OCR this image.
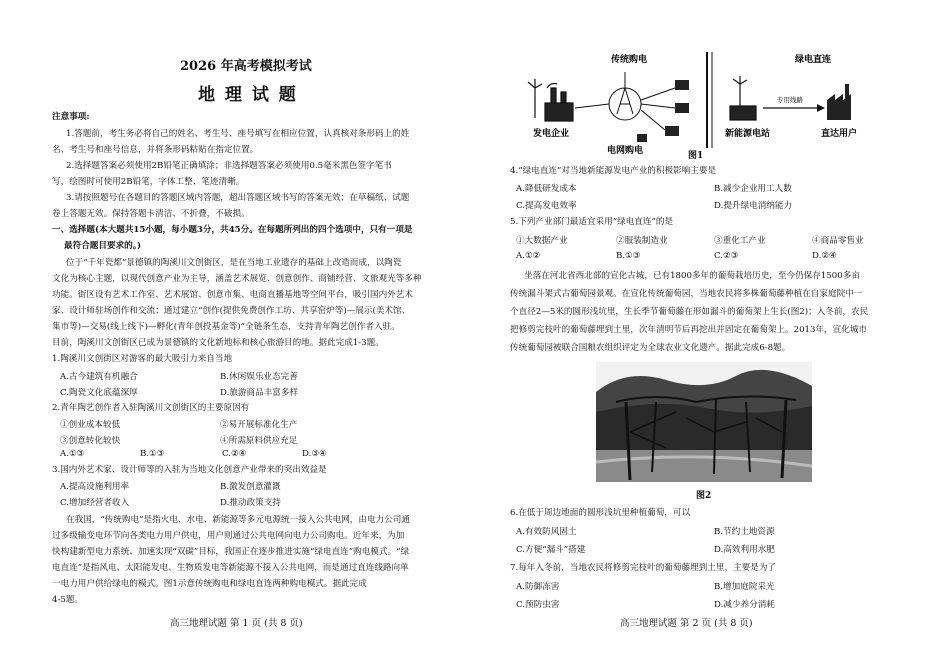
2026 年高考模拟考试
地 理 试 题
注意事项:
1.答题前，考生务必将自己的姓名、考生号、座号填写在相应位置，认真核对条形码上的姓
名、考生号和座号信息，并将条形码粘贴在指定位置。
2.选择题答案必须使用2B铅笔正确填涂；非选择题答案必须使用0.5毫米黑色签字笔书
写，绘图时可使用2B铅笔，字体工整、笔迹清晰。
3.请按照题号在各题目的答题区域内答题，超出答题区域书写的答案无效；在草稿纸、试题
卷上答题无效。保持答题卡清洁、不折叠，不破损。
一、选择题(本大题共15小题，每小题3分，共45分。在每题所列出的四个选项中，只有一项是
最符合题目要求的。)
位于“千年瓷都”景德镇的陶溪川文创街区，是在当地工业遗存的基础上改造而成，以陶瓷
文化为核心主题，以现代创意产业为主导，涵盖艺术展览、创意创作、商铺经营、文旅观光等多种
功能。街区设有艺术工作室、艺术展馆、创意市集、电商直播基地等空间平台，吸引国内外艺术
家、设计师驻场创作和交流；通过建立“创作(提供免费创作工坊、共享窑炉等)—展示(美术馆、
集市等)—交易(线上线下)—孵化(青年创投基金等)”全链条生态，支持青年陶艺创作者入驻。
目前，陶溪川文创街区已成为景德镇的文化新地标和核心旅游目的地。据此完成1-3题。
1.陶溪川文创街区对游客的最大吸引力来自当地
A.古今建筑有机融合	B.休闲娱乐业态完善
C.陶瓷文化底蕴深厚	D.旅游商品丰富多样
2.青年陶艺创作者入驻陶溪川文创街区的主要原因有
①创业成本较低	②易开展标准化生产
③创意转化较快	④所需原料供应充足
A.①③	B.①③	C.②④	D.③④
3.国内外艺术家、设计师等的入驻为当地文化创意产业带来的突出效益是
A.提高设施利用率	B.激发创意灌溉
C.增加经营者收入	D.推动政策支持
在我国，“传统购电”是指火电、水电、新能源等多元电源统一接入公共电网，由电力公司通
过多级输变电环节向各类电力用户供电，用户则通过公共电网向电力公司购电。近年来，为加
快构建新型电力系统、加速实现“双碳”目标，我国正在逐步推进实施“绿电直连”购电模式。“绿
电直连”是指风电、太阳能发电、生物质发电等新能源不接入公共电网，而是通过直连线路向单
一电力用户供给绿电的模式。图1示意传统购电和绿电直连两种购电模式。据此完成
4-5题。
高三地理试题 第 1 页 (共 8 页)
传统购电	绿电直连
发电企业
电网购电
新能源电站
专用线路
直达用户
图1
4.“绿电直连”对当地新能源发电产业的积极影响主要是
A.降低研发成本	B.减少企业用工人数
C.提高发电效率	D.提升绿电消纳能力
5.下列产业部门最适宜采用“绿电直连”的是
①大数据产业	②服装制造业	③重化工产业	④商品零售业
A.①②	B.①③	C.②③	D.②④
坐落在河北省西北部的宣化古城，已有1800多年的葡萄栽培历史，至今仍保存1500多亩
传统漏斗架式古葡萄园景观。在宣化传统葡萄园，当地农民将多株葡萄藤种植在自家庭院中一
个直径2—5米的圆形浅坑里，生长季节葡萄藤在形如漏斗的葡萄架上生长(图2)；入冬前，农民
把修剪完枝叶的葡萄藤埋到土里，次年清明节后再挖出并固定在葡萄架上。2013年，宣化城市
传统葡萄园被联合国粮农组织评定为全球农业文化遗产。据此完成6-8题。
图2
6.在低于周边地面的圆形浅坑里种植葡萄，可以
A.有效防风固土	B.节约土地资源
C.方便“漏斗”搭建	D.高效利用水肥
7.每年入冬前，当地农民将修剪完枝叶的葡萄藤埋到土里，主要是为了
A.防御冻害	B.增加庭院采光
C.预防虫害	D.减少养分消耗
高三地理试题 第 2 页 (共 8 页)
